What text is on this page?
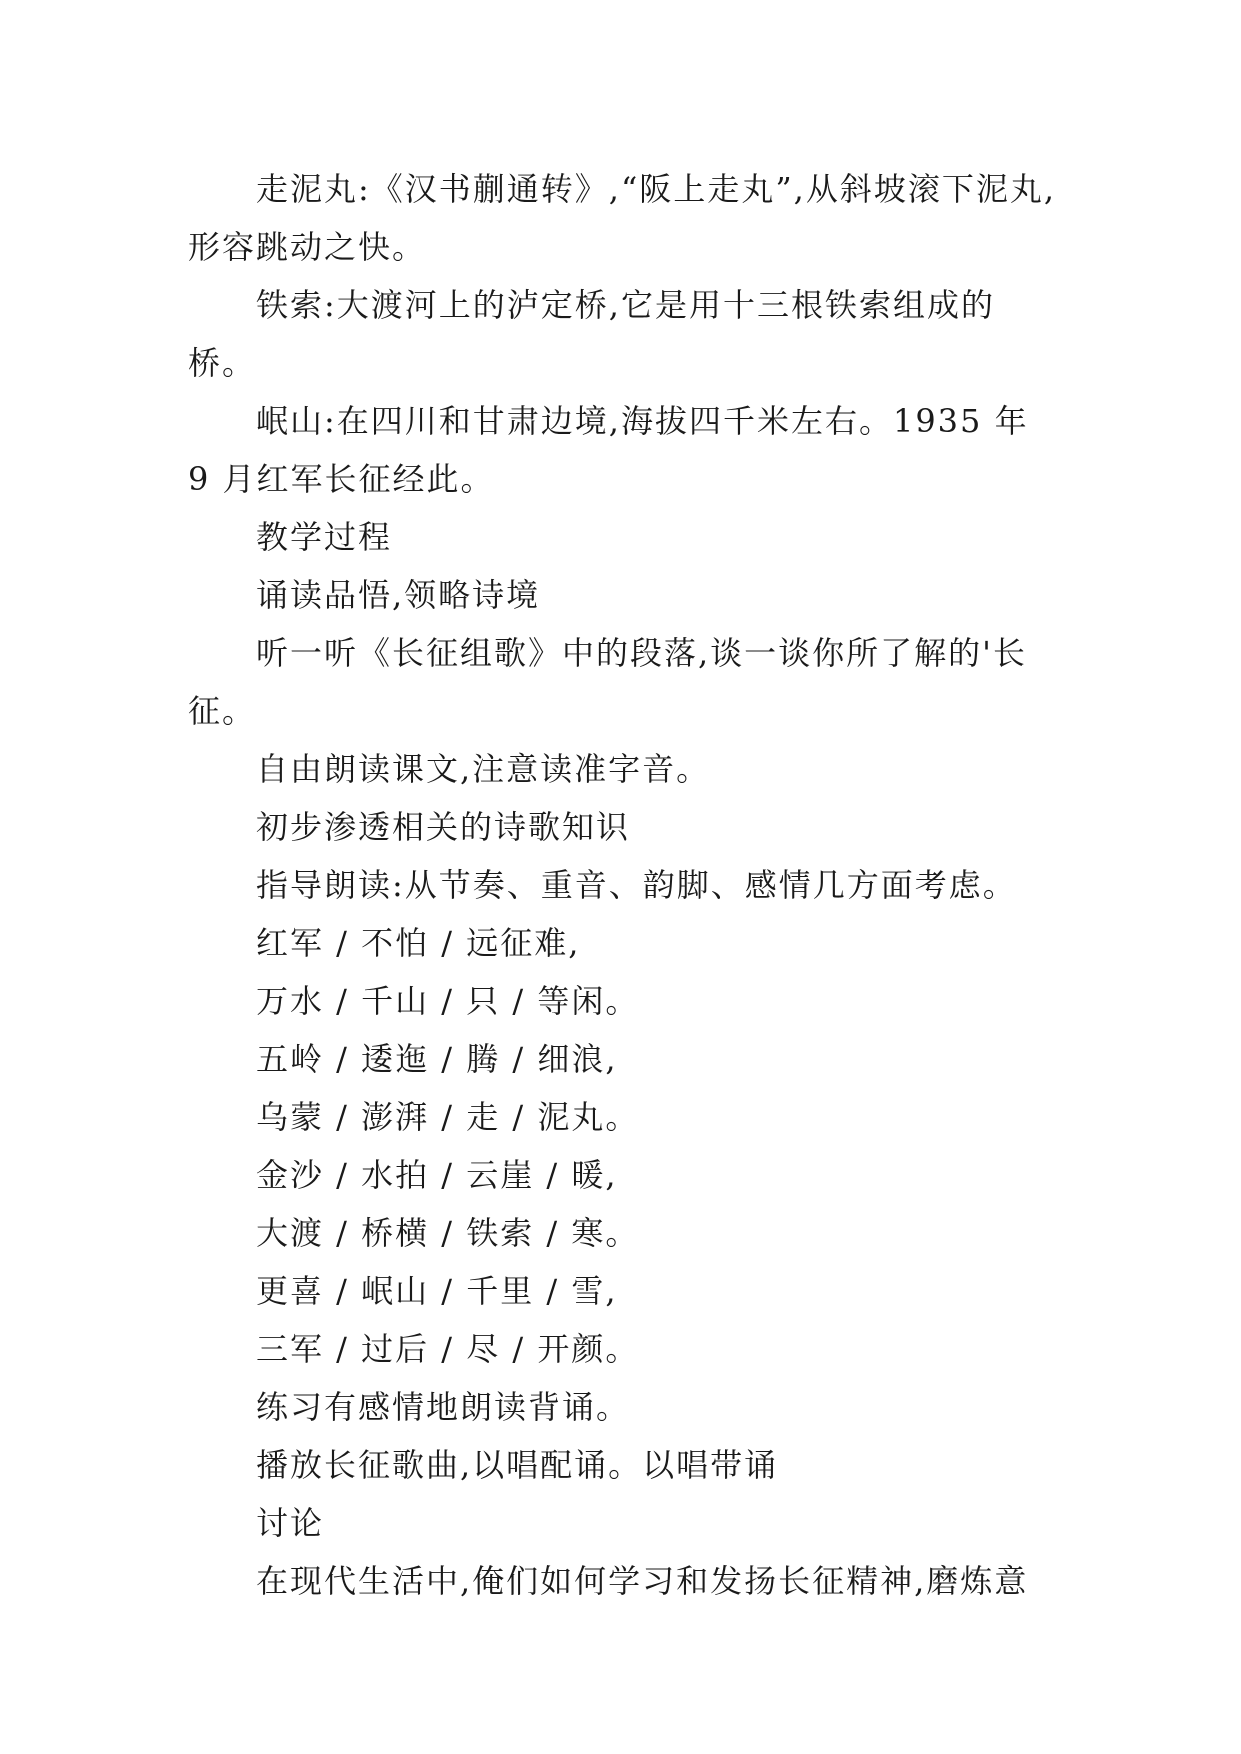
走泥丸:《汉书蒯通转》,“阪上走丸”,从斜坡滚下泥丸,形容跳动之快。

铁索:大渡河上的泸定桥,它是用十三根铁索组成的桥。

岷山:在四川和甘肃边境,海拔四千米左右。1935 年 9 月红军长征经此。

教学过程

诵读品悟,领略诗境

听一听《长征组歌》中的段落,谈一谈你所了解的'长征。

自由朗读课文,注意读准字音。

初步渗透相关的诗歌知识

指导朗读:从节奏、重音、韵脚、感情几方面考虑。

红军 / 不怕 / 远征难,

万水 / 千山 / 只 / 等闲。

五岭 / 逶迤 / 腾 / 细浪,

乌蒙 / 澎湃 / 走 / 泥丸。

金沙 / 水拍 / 云崖 / 暖,

大渡 / 桥横 / 铁索 / 寒。

更喜 / 岷山 / 千里 / 雪,

三军 / 过后 / 尽 / 开颜。

练习有感情地朗读背诵。

播放长征歌曲,以唱配诵。以唱带诵

讨论

在现代生活中,俺们如何学习和发扬长征精神,磨炼意
